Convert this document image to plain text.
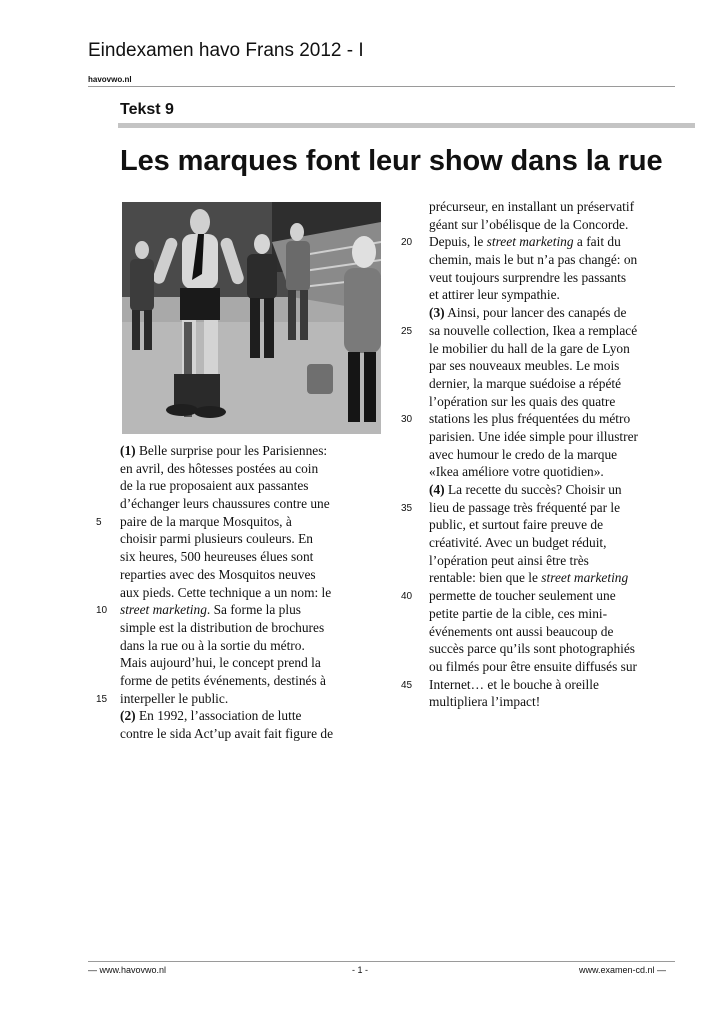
Eindexamen havo Frans 2012 - I
havovwo.nl
Tekst 9
Les marques font leur show dans la rue
(1) Belle surprise pour les Parisiennes:
en avril, des hôtesses postées au coin
de la rue proposaient aux passantes
d’échanger leurs chaussures contre une
paire de la marque Mosquitos, à
choisir parmi plusieurs couleurs. En
six heures, 500 heureuses élues sont
reparties avec des Mosquitos neuves
aux pieds. Cette technique a un nom: le
street marketing. Sa forme la plus
simple est la distribution de brochures
dans la rue ou à la sortie du métro.
Mais aujourd’hui, le concept prend la
forme de petits événements, destinés à
interpeller le public.
(2) En 1992, l’association de lutte
contre le sida Act’up avait fait figure de
précurseur, en installant un préservatif
géant sur l’obélisque de la Concorde.
Depuis, le street marketing a fait du
chemin, mais le but n’a pas changé: on
veut toujours surprendre les passants
et attirer leur sympathie.
(3) Ainsi, pour lancer des canapés de
sa nouvelle collection, Ikea a remplacé
le mobilier du hall de la gare de Lyon
par ses nouveaux meubles. Le mois
dernier, la marque suédoise a répété
l’opération sur les quais des quatre
stations les plus fréquentées du métro
parisien. Une idée simple pour illustrer
avec humour le credo de la marque
«Ikea améliore votre quotidien».
(4) La recette du succès? Choisir un
lieu de passage très fréquenté par le
public, et surtout faire preuve de
créativité. Avec un budget réduit,
l’opération peut ainsi être très
rentable: bien que le street marketing
permette de toucher seulement une
petite partie de la cible, ces mini-
événements ont aussi beaucoup de
succès parce qu’ils sont photographiés
ou filmés pour être ensuite diffusés sur
Internet… et le bouche à oreille
multipliera l’impact!
5
10
15
20
25
30
35
40
45
— www.havovwo.nl	- 1 -	www.examen-cd.nl —
